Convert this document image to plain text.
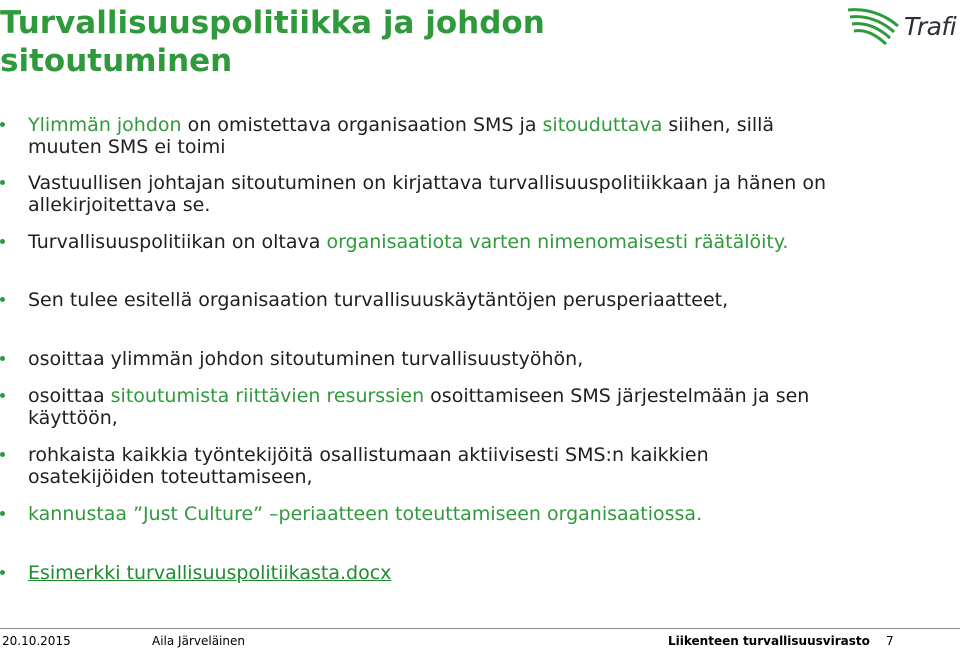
Turvallisuuspolitiikka ja johdon sitoutuminen
Trafi
Ylimmän johdon on omistettava organisaation SMS ja sitouduttava siihen, sillä muuten SMS ei toimi
Vastuullisen johtajan sitoutuminen on kirjattava turvallisuuspolitiikkaan ja hänen on allekirjoitettava se.
Turvallisuuspolitiikan on oltava organisaatiota varten nimenomaisesti räätälöity.
Sen tulee esitellä organisaation turvallisuuskäytäntöjen perusperiaatteet,
osoittaa ylimmän johdon sitoutuminen turvallisuustyöhön,
osoittaa sitoutumista riittävien resurssien osoittamiseen SMS järjestelmään ja sen käyttöön,
rohkaista kaikkia työntekijöitä osallistumaan aktiivisesti SMS:n kaikkien osatekijöiden toteuttamiseen,
kannustaa ”Just Culture” –periaatteen toteuttamiseen organisaatiossa.
Esimerkki turvallisuuspolitiikasta.docx
20.10.2015	Aila Järveläinen	Liikenteen turvallisuusvirasto 7
